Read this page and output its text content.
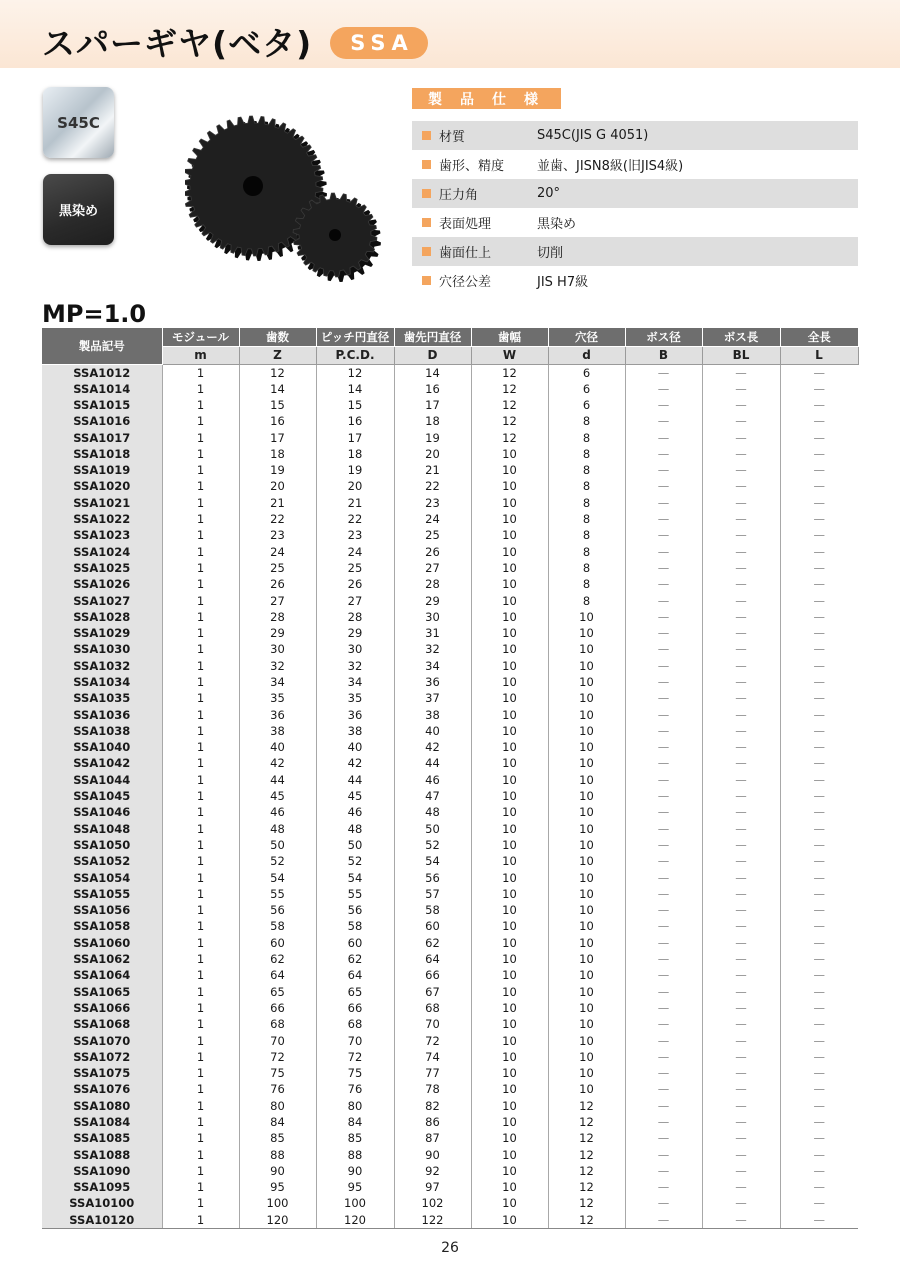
スパーギヤ(ベタ)	SSA
S45C
黒染め
製品仕様
材質	S45C(JIS G 4051)
歯形、精度	並歯、JISN8級(旧JIS4級)
圧力角	20°
表面処理	黒染め
歯面仕上	切削
穴径公差	JIS H7級
MP=1.0
製品記号	モジュール	歯数	ピッチ円直径	歯先円直径	歯幅	穴径	ボス径	ボス長	全長
	m	Z	P.C.D.	D	W	d	B	BL	L
SSA1012	1	12	12	14	12	6	—	—	—
SSA1014	1	14	14	16	12	6	—	—	—
SSA1015	1	15	15	17	12	6	—	—	—
SSA1016	1	16	16	18	12	8	—	—	—
SSA1017	1	17	17	19	12	8	—	—	—
SSA1018	1	18	18	20	10	8	—	—	—
SSA1019	1	19	19	21	10	8	—	—	—
SSA1020	1	20	20	22	10	8	—	—	—
SSA1021	1	21	21	23	10	8	—	—	—
SSA1022	1	22	22	24	10	8	—	—	—
SSA1023	1	23	23	25	10	8	—	—	—
SSA1024	1	24	24	26	10	8	—	—	—
SSA1025	1	25	25	27	10	8	—	—	—
SSA1026	1	26	26	28	10	8	—	—	—
SSA1027	1	27	27	29	10	8	—	—	—
SSA1028	1	28	28	30	10	10	—	—	—
SSA1029	1	29	29	31	10	10	—	—	—
SSA1030	1	30	30	32	10	10	—	—	—
SSA1032	1	32	32	34	10	10	—	—	—
SSA1034	1	34	34	36	10	10	—	—	—
SSA1035	1	35	35	37	10	10	—	—	—
SSA1036	1	36	36	38	10	10	—	—	—
SSA1038	1	38	38	40	10	10	—	—	—
SSA1040	1	40	40	42	10	10	—	—	—
SSA1042	1	42	42	44	10	10	—	—	—
SSA1044	1	44	44	46	10	10	—	—	—
SSA1045	1	45	45	47	10	10	—	—	—
SSA1046	1	46	46	48	10	10	—	—	—
SSA1048	1	48	48	50	10	10	—	—	—
SSA1050	1	50	50	52	10	10	—	—	—
SSA1052	1	52	52	54	10	10	—	—	—
SSA1054	1	54	54	56	10	10	—	—	—
SSA1055	1	55	55	57	10	10	—	—	—
SSA1056	1	56	56	58	10	10	—	—	—
SSA1058	1	58	58	60	10	10	—	—	—
SSA1060	1	60	60	62	10	10	—	—	—
SSA1062	1	62	62	64	10	10	—	—	—
SSA1064	1	64	64	66	10	10	—	—	—
SSA1065	1	65	65	67	10	10	—	—	—
SSA1066	1	66	66	68	10	10	—	—	—
SSA1068	1	68	68	70	10	10	—	—	—
SSA1070	1	70	70	72	10	10	—	—	—
SSA1072	1	72	72	74	10	10	—	—	—
SSA1075	1	75	75	77	10	10	—	—	—
SSA1076	1	76	76	78	10	10	—	—	—
SSA1080	1	80	80	82	10	12	—	—	—
SSA1084	1	84	84	86	10	12	—	—	—
SSA1085	1	85	85	87	10	12	—	—	—
SSA1088	1	88	88	90	10	12	—	—	—
SSA1090	1	90	90	92	10	12	—	—	—
SSA1095	1	95	95	97	10	12	—	—	—
SSA10100	1	100	100	102	10	12	—	—	—
SSA10120	1	120	120	122	10	12	—	—	—
26
